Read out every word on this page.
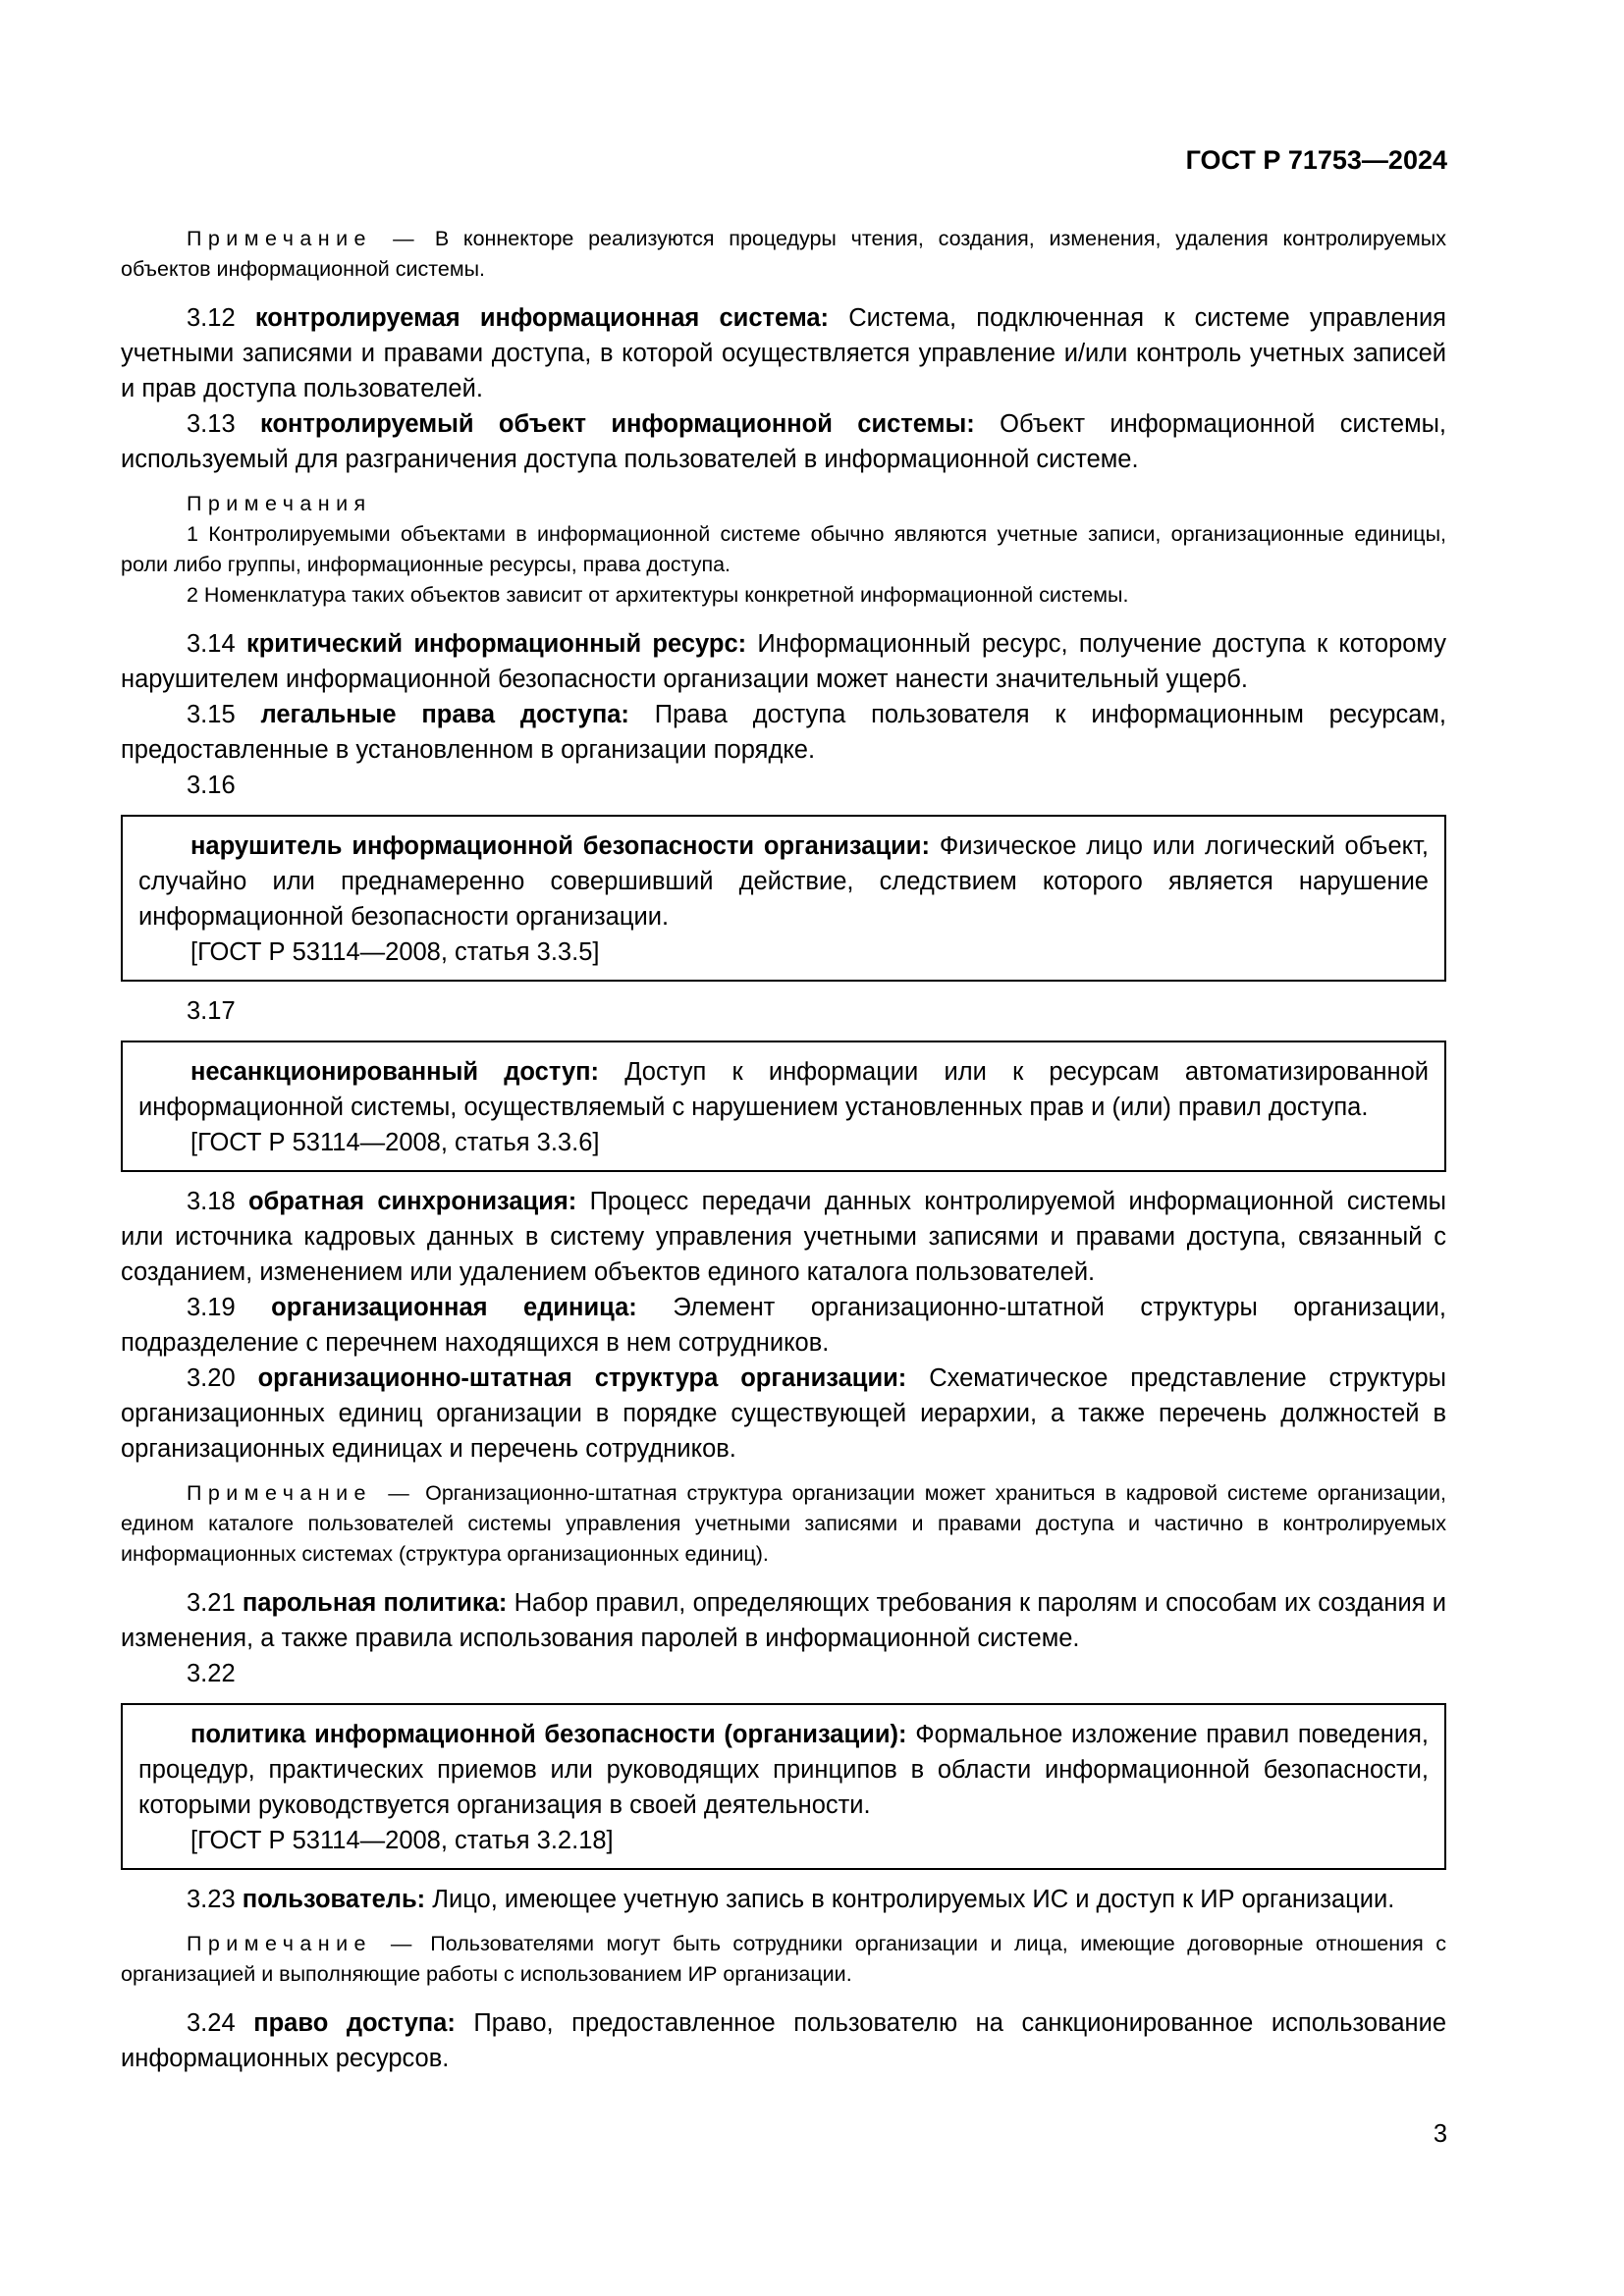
ГОСТ Р 71753—2024

Примечание — В коннекторе реализуются процедуры чтения, создания, изменения, удаления контролируемых объектов информационной системы.

3.12 контролируемая информационная система: Система, подключенная к системе управления учетными записями и правами доступа, в которой осуществляется управление и/или контроль учетных записей и прав доступа пользователей.

3.13 контролируемый объект информационной системы: Объект информационной системы, используемый для разграничения доступа пользователей в информационной системе.

Примечания

1 Контролируемыми объектами в информационной системе обычно являются учетные записи, организационные единицы, роли либо группы, информационные ресурсы, права доступа.

2 Номенклатура таких объектов зависит от архитектуры конкретной информационной системы.

3.14 критический информационный ресурс: Информационный ресурс, получение доступа к которому нарушителем информационной безопасности организации может нанести значительный ущерб.

3.15 легальные права доступа: Права доступа пользователя к информационным ресурсам, предоставленные в установленном в организации порядке.

3.16

нарушитель информационной безопасности организации: Физическое лицо или логический объект, случайно или преднамеренно совершивший действие, следствием которого является нарушение информационной безопасности организации.

[ГОСТ Р 53114—2008, статья 3.3.5]

3.17

несанкционированный доступ: Доступ к информации или к ресурсам автоматизированной информационной системы, осуществляемый с нарушением установленных прав и (или) правил доступа.

[ГОСТ Р 53114—2008, статья 3.3.6]

3.18 обратная синхронизация: Процесс передачи данных контролируемой информационной системы или источника кадровых данных в систему управления учетными записями и правами доступа, связанный с созданием, изменением или удалением объектов единого каталога пользователей.

3.19 организационная единица: Элемент организационно-штатной структуры организации, подразделение с перечнем находящихся в нем сотрудников.

3.20 организационно-штатная структура организации: Схематическое представление структуры организационных единиц организации в порядке существующей иерархии, а также перечень должностей в организационных единицах и перечень сотрудников.

Примечание — Организационно-штатная структура организации может храниться в кадровой системе организации, едином каталоге пользователей системы управления учетными записями и правами доступа и частично в контролируемых информационных системах (структура организационных единиц).

3.21 парольная политика: Набор правил, определяющих требования к паролям и способам их создания и изменения, а также правила использования паролей в информационной системе.

3.22

политика информационной безопасности (организации): Формальное изложение правил поведения, процедур, практических приемов или руководящих принципов в области информационной безопасности, которыми руководствуется организация в своей деятельности.

[ГОСТ Р 53114—2008, статья 3.2.18]

3.23 пользователь: Лицо, имеющее учетную запись в контролируемых ИС и доступ к ИР организации.

Примечание — Пользователями могут быть сотрудники организации и лица, имеющие договорные отношения с организацией и выполняющие работы с использованием ИР организации.

3.24 право доступа: Право, предоставленное пользователю на санкционированное использование информационных ресурсов.

3
